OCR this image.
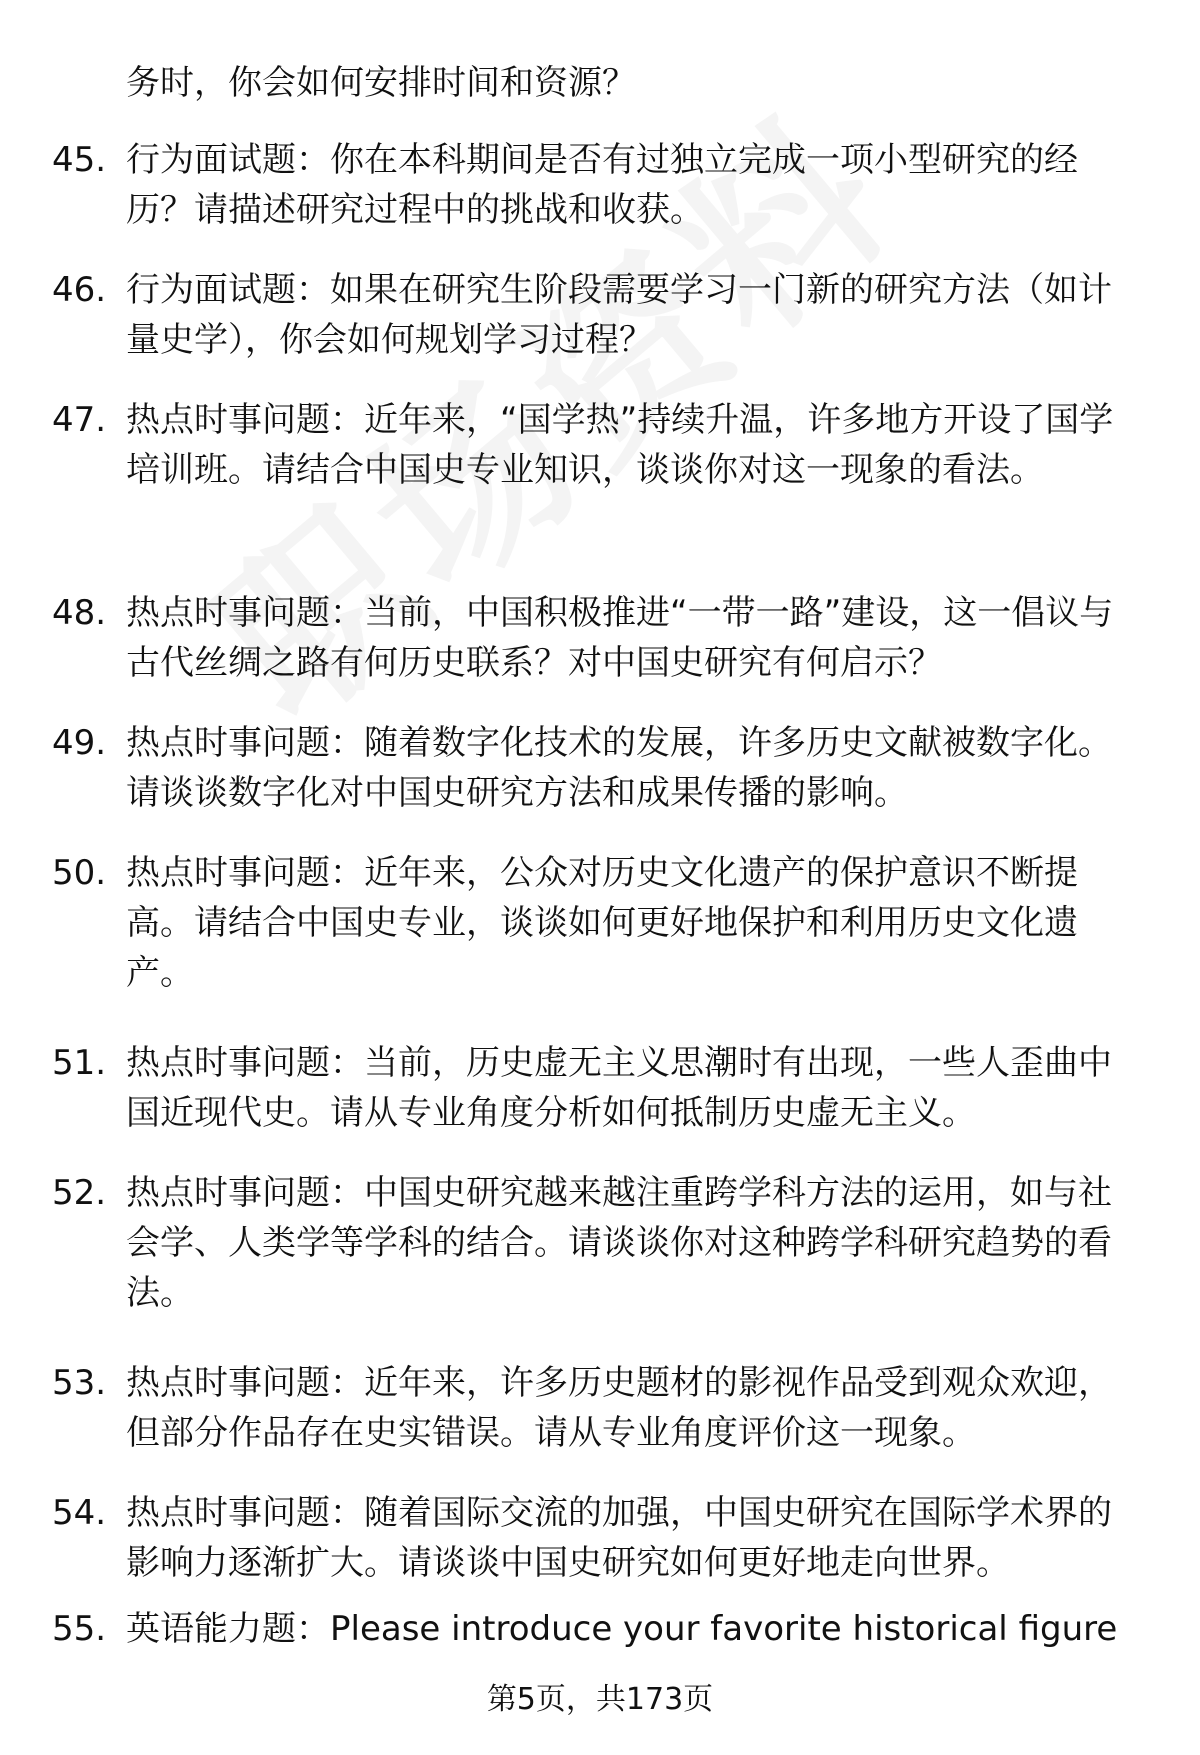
务时，你会如何安排时间和资源？

45. 行为面试题：你在本科期间是否有过独立完成一项小型研究的经历？请描述研究过程中的挑战和收获。
46. 行为面试题：如果在研究生阶段需要学习一门新的研究方法（如计量史学），你会如何规划学习过程？
47. 热点时事问题：近年来，“国学热”持续升温，许多地方开设了国学培训班。请结合中国史专业知识，谈谈你对这一现象的看法。
48. 热点时事问题：当前，中国积极推进“一带一路”建设，这一倡议与古代丝绸之路有何历史联系？对中国史研究有何启示？
49. 热点时事问题：随着数字化技术的发展，许多历史文献被数字化。请谈谈数字化对中国史研究方法和成果传播的影响。
50. 热点时事问题：近年来，公众对历史文化遗产的保护意识不断提高。请结合中国史专业，谈谈如何更好地保护和利用历史文化遗产。
51. 热点时事问题：当前，历史虚无主义思潮时有出现，一些人歪曲中国近现代史。请从专业角度分析如何抵制历史虚无主义。
52. 热点时事问题：中国史研究越来越注重跨学科方法的运用，如与社会学、人类学等学科的结合。请谈谈你对这种跨学科研究趋势的看法。
53. 热点时事问题：近年来，许多历史题材的影视作品受到观众欢迎，但部分作品存在史实错误。请从专业角度评价这一现象。
54. 热点时事问题：随着国际交流的加强，中国史研究在国际学术界的影响力逐渐扩大。请谈谈中国史研究如何更好地走向世界。
55. 英语能力题：Please introduce your favorite historical figure
第5页，共173页
